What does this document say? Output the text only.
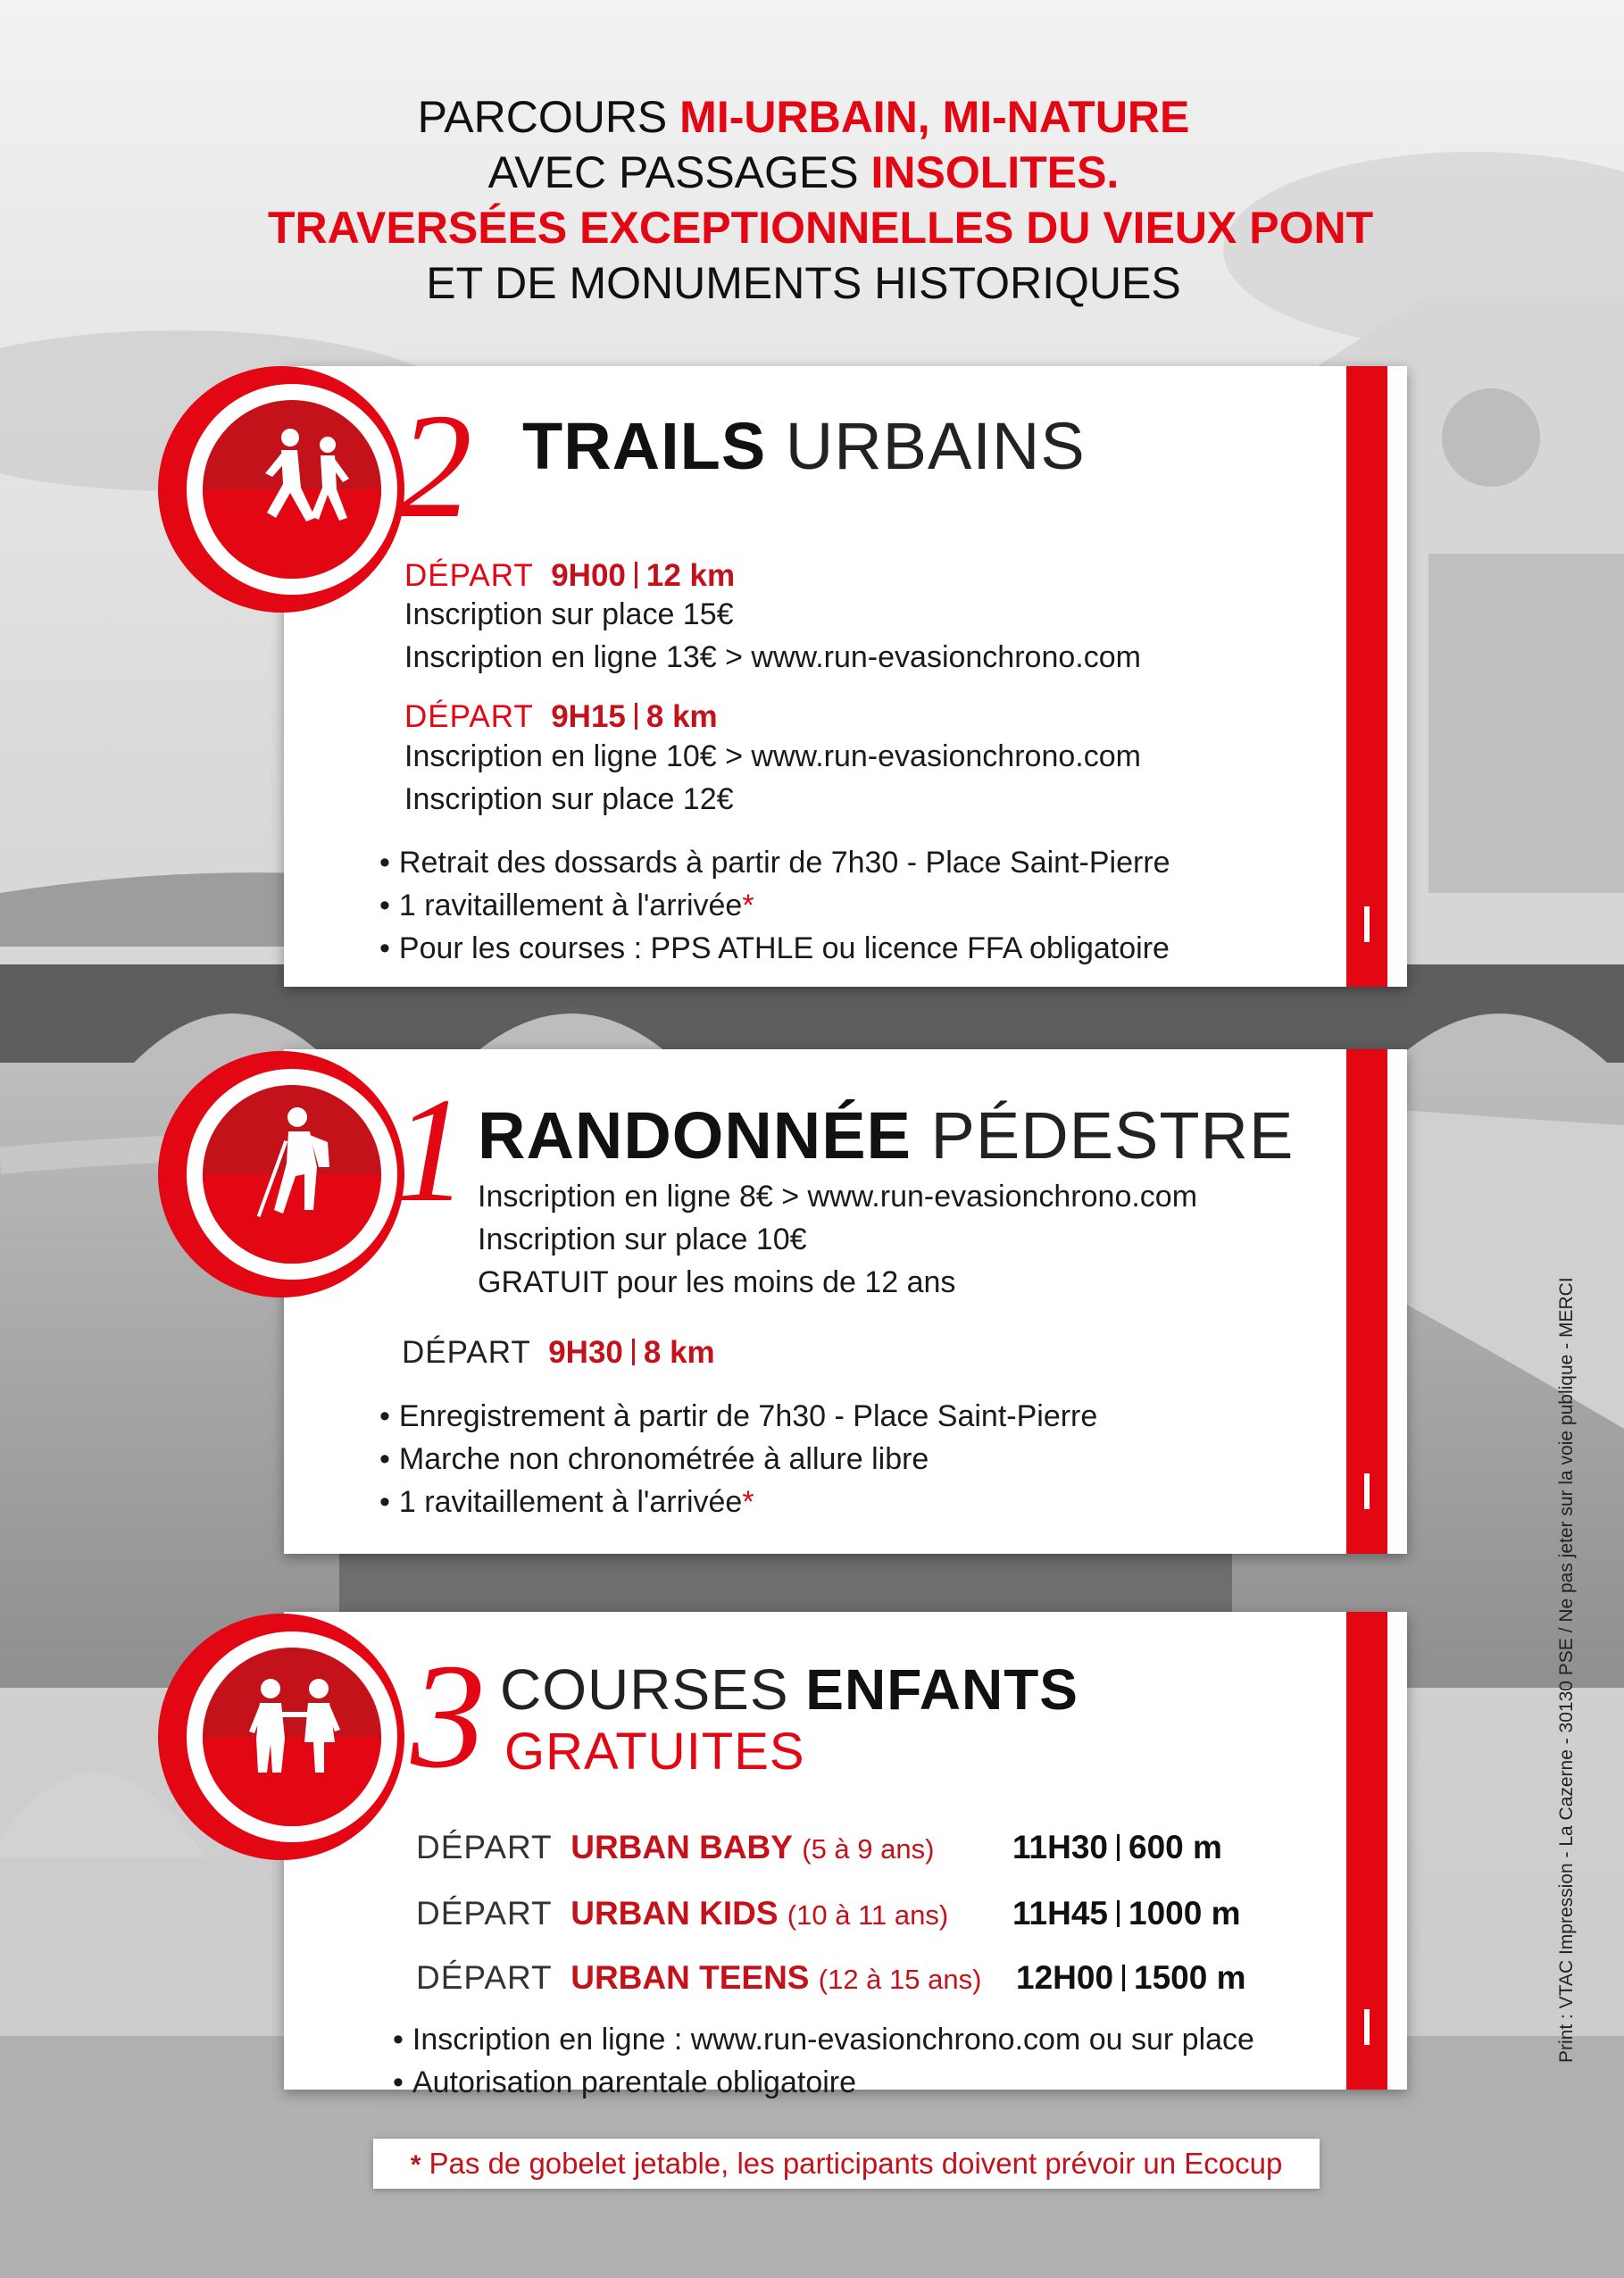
PARCOURS MI-URBAIN, MI-NATURE
AVEC PASSAGES INSOLITES.
TRAVERSÉES EXCEPTIONNELLES DU VIEUX PONT
ET DE MONUMENTS HISTORIQUES
2 TRAILS URBAINS
DÉPART 9H00 12 km
Inscription sur place 15€
Inscription en ligne 13€ > www.run-evasionchrono.com
DÉPART 9H15 8 km
Inscription en ligne 10€ > www.run-evasionchrono.com
Inscription sur place 12€
• Retrait des dossards à partir de 7h30 - Place Saint-Pierre
• 1 ravitaillement à l'arrivée*
• Pour les courses : PPS ATHLE ou licence FFA obligatoire
1 RANDONNÉE PÉDESTRE
Inscription en ligne 8€ > www.run-evasionchrono.com
Inscription sur place 10€
GRATUIT pour les moins de 12 ans
DÉPART 9H30 8 km
• Enregistrement à partir de 7h30 - Place Saint-Pierre
• Marche non chronométrée à allure libre
• 1 ravitaillement à l'arrivée*
3 COURSES ENFANTS
GRATUITES
DÉPART URBAN BABY (5 à 9 ans) 11H30 600 m
DÉPART URBAN KIDS (10 à 11 ans) 11H45 1000 m
DÉPART URBAN TEENS (12 à 15 ans) 12H00 1500 m
• Inscription en ligne : www.run-evasionchrono.com ou sur place
• Autorisation parentale obligatoire
* Pas de gobelet jetable, les participants doivent prévoir un Ecocup
Print : VTAC Impression - La Cazerne - 30130 PSE / Ne pas jeter sur la voie publique - MERCI
